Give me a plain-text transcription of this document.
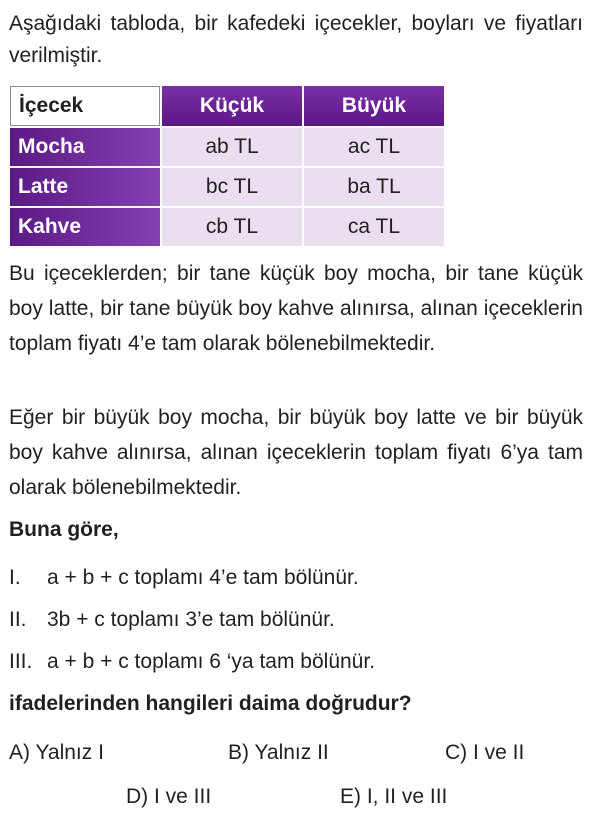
Aşağıdaki tabloda, bir kafedeki içecekler, boyları ve fiyatları verilmiştir.

İçecek	Küçük	Büyük
Mocha	ab TL	ac TL
Latte	bc TL	ba TL
Kahve	cb TL	ca TL

Bu içeceklerden; bir tane küçük boy mocha, bir tane küçük boy latte, bir tane büyük boy kahve alınırsa, alınan içeceklerin toplam fiyatı 4’e tam olarak bölenebilmektedir.

Eğer bir büyük boy mocha, bir büyük boy latte ve bir büyük boy kahve alınırsa, alınan içeceklerin toplam fiyatı 6’ya tam olarak bölenebilmektedir.

Buna göre,

I. a + b + c toplamı 4’e tam bölünür.

II. 3b + c toplamı 3’e tam bölünür.

III. a + b + c toplamı 6 ‘ya tam bölünür.

ifadelerinden hangileri daima doğrudur?

A) Yalnız I	B) Yalnız II	C) I ve II

D) I ve III	E) I, II ve III
